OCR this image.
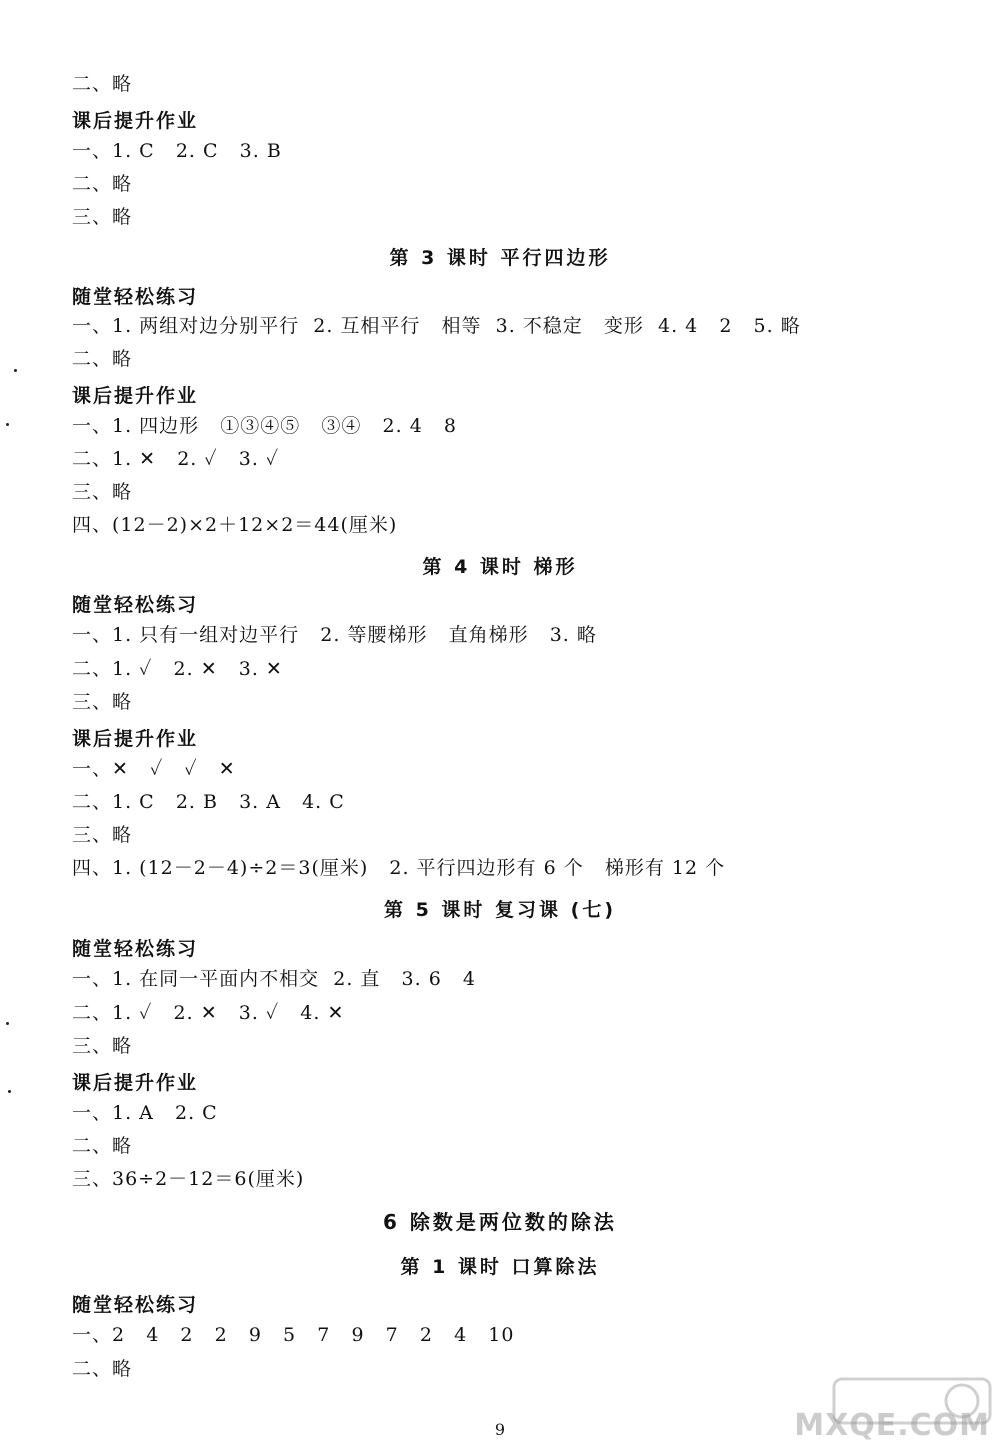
二、略
课后提升作业
一、1. C   2. C   3. B
二、略
三、略
第 3 课时 平行四边形
随堂轻松练习
一、1. 两组对边分别平行  2. 互相平行   相等  3. 不稳定   变形  4. 4   2   5. 略
二、略
课后提升作业
一、1. 四边形   ①③④⑤   ③④   2. 4   8
二、1. ✕   2. ✓   3. ✓
三、略
四、(12－2)×2＋12×2＝44(厘米)
第 4 课时 梯形
随堂轻松练习
一、1. 只有一组对边平行   2. 等腰梯形   直角梯形   3. 略
二、1. ✓   2. ✕   3. ✕
三、略
课后提升作业
一、✕   ✓   ✓   ✕
二、1. C   2. B   3. A   4. C
三、略
四、1. (12－2－4)÷2＝3(厘米)   2. 平行四边形有 6 个   梯形有 12 个
第 5 课时 复习课 (七)
随堂轻松练习
一、1. 在同一平面内不相交  2. 直   3. 6   4
二、1. ✓   2. ✕   3. ✓   4. ✕
三、略
课后提升作业
一、1. A   2. C
二、略
三、36÷2－12＝6(厘米)
6 除数是两位数的除法
第 1 课时 口算除法
随堂轻松练习
一、2   4   2   2   9   5   7   9   7   2   4   10
二、略
9	MXQE.COM
